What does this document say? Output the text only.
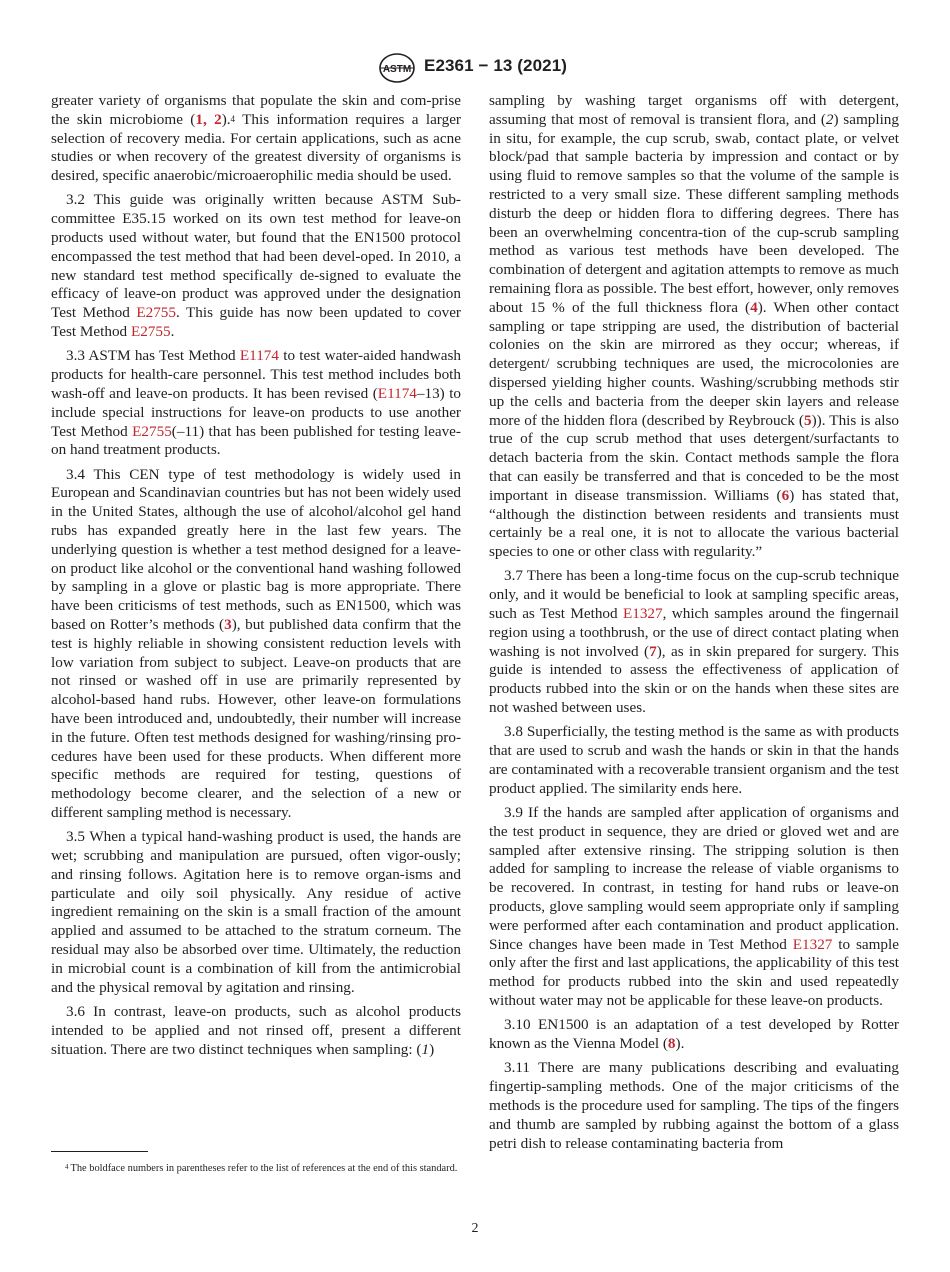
ASTM E2361 − 13 (2021)

greater variety of organisms that populate the skin and com-prise the skin microbiome (1, 2).$^4$ This information requires a larger selection of recovery media. For certain applications, such as acne studies or when recovery of the greatest diversity of organisms is desired, specific anaerobic/microaerophilic media should be used.

3.2 This guide was originally written because ASTM Sub-committee E35.15 worked on its own test method for leave-on products used without water, but found that the EN1500 protocol encompassed the test method that had been devel-oped. In 2010, a new standard test method specifically de-signed to evaluate the efficacy of leave-on product was approved under the designation Test Method E2755. This guide has now been updated to cover Test Method E2755.

3.3 ASTM has Test Method E1174 to test water-aided handwash products for health-care personnel. This test method includes both wash-off and leave-on products. It has been revised (E1174–13) to include special instructions for leave-on products to use another Test Method E2755(–11) that has been published for testing leave-on hand treatment products.

3.4 This CEN type of test methodology is widely used in European and Scandinavian countries but has not been widely used in the United States, although the use of alcohol/alcohol gel hand rubs has expanded greatly here in the last few years. The underlying question is whether a test method designed for a leave-on product like alcohol or the conventional hand washing followed by sampling in a glove or plastic bag is more appropriate. There have been criticisms of test methods, such as EN1500, which was based on Rotter’s methods (3), but published data confirm that the test is highly reliable in showing consistent reduction levels with low variation from subject to subject. Leave-on products that are not rinsed or washed off in use are primarily represented by alcohol-based hand rubs. However, other leave-on formulations have been introduced and, undoubtedly, their number will increase in the future. Often test methods designed for washing/rinsing pro-cedures have been used for these products. When different more specific methods are required for testing, questions of methodology become clearer, and the selection of a new or different sampling method is necessary.

3.5 When a typical hand-washing product is used, the hands are wet; scrubbing and manipulation are pursued, often vigor-ously; and rinsing follows. Agitation here is to remove organ-isms and particulate and oily soil physically. Any residue of active ingredient remaining on the skin is a small fraction of the amount applied and assumed to be attached to the stratum corneum. The residual may also be absorbed over time. Ultimately, the reduction in microbial count is a combination of kill from the antimicrobial and the physical removal by agitation and rinsing.

3.6 In contrast, leave-on products, such as alcohol products intended to be applied and not rinsed off, present a different situation. There are two distinct techniques when sampling: (1)

sampling by washing target organisms off with detergent, assuming that most of removal is transient flora, and (2) sampling in situ, for example, the cup scrub, swab, contact plate, or velvet block/pad that sample bacteria by impression and contact or by using fluid to remove samples so that the volume of the sample is restricted to a very small size. These different sampling methods disturb the deep or hidden flora to differing degrees. There has been an overwhelming concentra-tion of the cup-scrub sampling method as various test methods have been developed. The combination of detergent and agitation attempts to remove as much remaining flora as possible. The best effort, however, only removes about 15 % of the full thickness flora (4). When other contact sampling or tape stripping are used, the distribution of bacterial colonies on the skin are mirrored as they occur; whereas, if detergent/ scrubbing techniques are used, the microcolonies are dispersed yielding higher counts. Washing/scrubbing methods stir up the cells and bacteria from the deeper skin layers and release more of the hidden flora (described by Reybrouck (5)). This is also true of the cup scrub method that uses detergent/surfactants to detach bacteria from the skin. Contact methods sample the flora that can easily be transferred and that is conceded to be the most important in disease transmission. Williams (6) has stated that, “although the distinction between residents and transients must certainly be a real one, it is not to allocate the various bacterial species to one or other class with regularity.”

3.7 There has been a long-time focus on the cup-scrub technique only, and it would be beneficial to look at sampling specific areas, such as Test Method E1327, which samples around the fingernail region using a toothbrush, or the use of direct contact plating when washing is not involved (7), as in skin prepared for surgery. This guide is intended to assess the effectiveness of application of products rubbed into the skin or on the hands when these sites are not washed between uses.

3.8 Superficially, the testing method is the same as with products that are used to scrub and wash the hands or skin in that the hands are contaminated with a recoverable transient organism and the test product applied. The similarity ends here.

3.9 If the hands are sampled after application of organisms and the test product in sequence, they are dried or gloved wet and are sampled after extensive rinsing. The stripping solution is then added for sampling to increase the release of viable organisms to be recovered. In contrast, in testing for hand rubs or leave-on products, glove sampling would seem appropriate only if sampling were performed after each contamination and product application. Since changes have been made in Test Method E1327 to sample only after the first and last applications, the applicability of this test method for products rubbed into the skin and used repeatedly without water may not be applicable for these leave-on products.

3.10 EN1500 is an adaptation of a test developed by Rotter known as the Vienna Model (8).

3.11 There are many publications describing and evaluating fingertip-sampling methods. One of the major criticisms of the methods is the procedure used for sampling. The tips of the fingers and thumb are sampled by rubbing against the bottom of a glass petri dish to release contaminating bacteria from

$^4$ The boldface numbers in parentheses refer to the list of references at the end of this standard.
2
